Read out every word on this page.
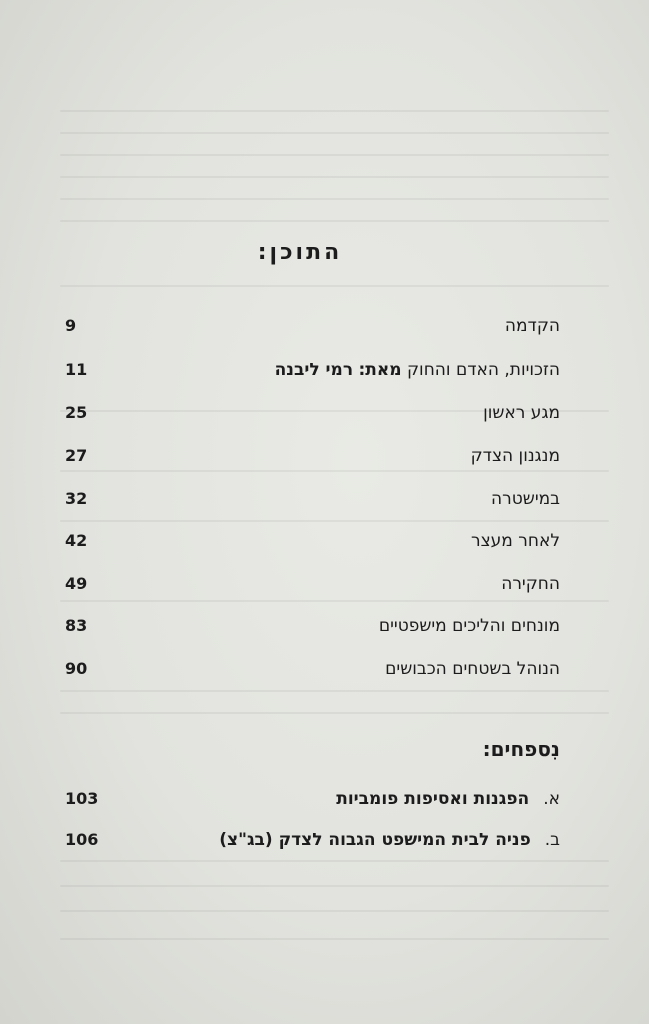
התוכן:
הקדמה
9
הזכויות, האדם והחוק מאת: רמי ליבנה
11
מגע ראשון
25
מנגנון הצדק
27
במישטרה
32
לאחר מעצר
42
החקירה
49
מונחים והליכים מישפטיים
83
הנוהל בשטחים הכבושים
90
נִספחים:
א.הפגנות ואסיפות פומביות
103
ב.פניה לבית המישפט הגבוה לצדק (בג"צ)
106
